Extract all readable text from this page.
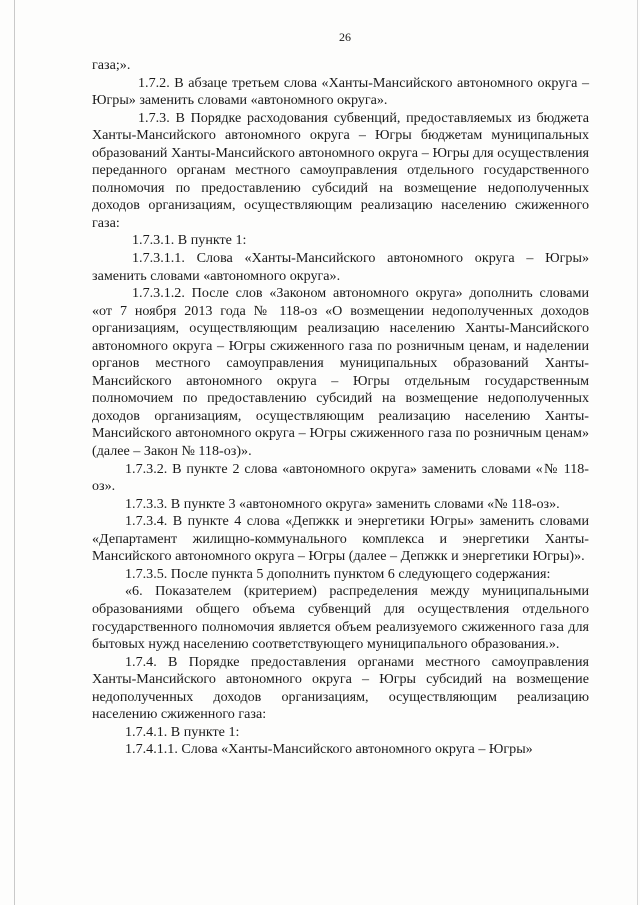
26

газа;».

1.7.2. В абзаце третьем слова «Ханты-Мансийского автономного округа – Югры» заменить словами «автономного округа».

1.7.3. В Порядке расходования субвенций, предоставляемых из бюджета Ханты-Мансийского автономного округа – Югры бюджетам муниципальных образований Ханты-Мансийского автономного округа – Югры для осуществления переданного органам местного самоуправления отдельного государственного полномочия по предоставлению субсидий на возмещение недополученных доходов организациям, осуществляющим реализацию населению сжиженного газа:

1.7.3.1. В пункте 1:

1.7.3.1.1. Слова «Ханты-Мансийского автономного округа – Югры» заменить словами «автономного округа».

1.7.3.1.2. После слов «Законом автономного округа» дополнить словами «от 7 ноября 2013 года № 118-оз «О возмещении недополученных доходов организациям, осуществляющим реализацию населению Ханты-Мансийского автономного округа – Югры сжиженного газа по розничным ценам, и наделении органов местного самоуправления муниципальных образований Ханты-Мансийского автономного округа – Югры отдельным государственным полномочием по предоставлению субсидий на возмещение недополученных доходов организациям, осуществляющим реализацию населению Ханты-Мансийского автономного округа – Югры сжиженного газа по розничным ценам» (далее – Закон № 118-оз)».

1.7.3.2. В пункте 2 слова «автономного округа» заменить словами «№ 118-оз».

1.7.3.3. В пункте 3 «автономного округа» заменить словами «№ 118-оз».

1.7.3.4. В пункте 4 слова «Депжкк и энергетики Югры» заменить словами «Департамент жилищно-коммунального комплекса и энергетики Ханты-Мансийского автономного округа – Югры (далее – Депжкк и энергетики Югры)».

1.7.3.5. После пункта 5 дополнить пунктом 6 следующего содержания:

«6. Показателем (критерием) распределения между муниципальными образованиями общего объема субвенций для осуществления отдельного государственного полномочия является объем реализуемого сжиженного газа для бытовых нужд населению соответствующего муниципального образования.».

1.7.4. В Порядке предоставления органами местного самоуправления Ханты-Мансийского автономного округа – Югры субсидий на возмещение недополученных доходов организациям, осуществляющим реализацию населению сжиженного газа:

1.7.4.1. В пункте 1:

1.7.4.1.1. Слова «Ханты-Мансийского автономного округа – Югры»
